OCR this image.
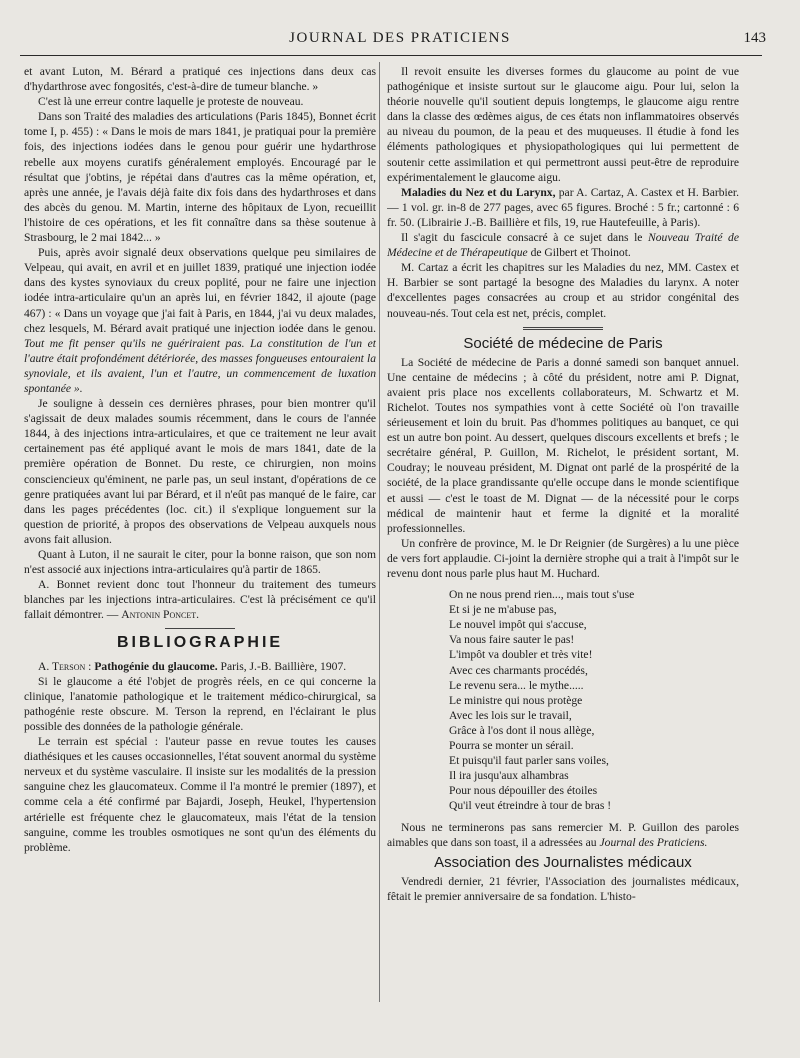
JOURNAL DES PRATICIENS	143

et avant Luton, M. Bérard a pratiqué ces injections dans deux cas d'hydarthrose avec fongosités, c'est-à-dire de tumeur blanche. »

C'est là une erreur contre laquelle je proteste de nouveau.

Dans son Traité des maladies des articulations (Paris 1845), Bonnet écrit tome I, p. 455) : « Dans le mois de mars 1841, je pratiquai pour la première fois, des injections iodées dans le genou pour guérir une hydarthrose rebelle aux moyens curatifs généralement employés. Encouragé par le résultat que j'obtins, je répétai dans d'autres cas la même opération, et, après une année, je l'avais déjà faite dix fois dans des hydarthroses et dans des abcès du genou. M. Martin, interne des hôpitaux de Lyon, recueillit l'histoire de ces opérations, et les fit connaître dans sa thèse soutenue à Strasbourg, le 2 mai 1842... »

Puis, après avoir signalé deux observations quelque peu similaires de Velpeau, qui avait, en avril et en juillet 1839, pratiqué une injection iodée dans des kystes synoviaux du creux poplité, pour ne faire une injection iodée intra-articulaire qu'un an après lui, en février 1842, il ajoute (page 467) : « Dans un voyage que j'ai fait à Paris, en 1844, j'ai vu deux malades, chez lesquels, M. Bérard avait pratiqué une injection iodée dans le genou. Tout me fit penser qu'ils ne guériraient pas. La constitution de l'un et l'autre était profondément détériorée, des masses fongueuses entouraient la synoviale, et ils avaient, l'un et l'autre, un commencement de luxation spontanée ».

Je souligne à dessein ces dernières phrases, pour bien montrer qu'il s'agissait de deux malades soumis récemment, dans le cours de l'année 1844, à des injections intra-articulaires, et que ce traitement ne leur avait certainement pas été appliqué avant le mois de mars 1841, date de la première opération de Bonnet. Du reste, ce chirurgien, non moins consciencieux qu'éminent, ne parle pas, un seul instant, d'opérations de ce genre pratiquées avant lui par Bérard, et il n'eût pas manqué de le faire, car dans les pages précédentes (loc. cit.) il s'explique longuement sur la question de priorité, à propos des observations de Velpeau auxquels nous avons fait allusion.

Quant à Luton, il ne saurait le citer, pour la bonne raison, que son nom n'est associé aux injections intra-articulaires qu'à partir de 1865.

A. Bonnet revient donc tout l'honneur du traitement des tumeurs blanches par les injections intra-articulaires. C'est là précisément ce qu'il fallait démontrer. — Antonin Poncet.

BIBLIOGRAPHIE

A. Terson : Pathogénie du glaucome. Paris, J.-B. Baillière, 1907.

Si le glaucome a été l'objet de progrès réels, en ce qui concerne la clinique, l'anatomie pathologique et le traitement médico-chirurgical, sa pathogénie reste obscure. M. Terson la reprend, en l'éclairant le plus possible des données de la pathologie générale.

Le terrain est spécial : l'auteur passe en revue toutes les causes diathésiques et les causes occasionnelles, l'état souvent anormal du système nerveux et du système vasculaire. Il insiste sur les modalités de la pression sanguine chez les glaucomateux. Comme il l'a montré le premier (1897), et comme cela a été confirmé par Bajardi, Joseph, Heukel, l'hypertension artérielle est fréquente chez le glaucomateux, mais l'état de la tension sanguine, comme les troubles osmotiques ne sont qu'un des éléments du problème.

Il revoit ensuite les diverses formes du glaucome au point de vue pathogénique et insiste surtout sur le glaucome aigu. Pour lui, selon la théorie nouvelle qu'il soutient depuis longtemps, le glaucome aigu rentre dans la classe des œdèmes aigus, de ces états non inflammatoires observés au niveau du poumon, de la peau et des muqueuses. Il étudie à fond les éléments pathologiques et physiopathologiques qui lui permettent de soutenir cette assimilation et qui permettront aussi peut-être de reproduire expérimentalement le glaucome aigu.

Maladies du Nez et du Larynx, par A. Cartaz, A. Castex et H. Barbier. — 1 vol. gr. in-8 de 277 pages, avec 65 figures. Broché : 5 fr.; cartonné : 6 fr. 50. (Librairie J.-B. Baillière et fils, 19, rue Hautefeuille, à Paris).

Il s'agit du fascicule consacré à ce sujet dans le Nouveau Traité de Médecine et de Thérapeutique de Gilbert et Thoinot.

M. Cartaz a écrit les chapitres sur les Maladies du nez, MM. Castex et H. Barbier se sont partagé la besogne des Maladies du larynx. A noter d'excellentes pages consacrées au croup et au stridor congénital des nouveau-nés. Tout cela est net, précis, complet.

Société de médecine de Paris

La Société de médecine de Paris a donné samedi son banquet annuel. Une centaine de médecins ; à côté du président, notre ami P. Dignat, avaient pris place nos excellents collaborateurs, M. Schwartz et M. Richelot. Toutes nos sympathies vont à cette Société où l'on travaille sérieusement et loin du bruit. Pas d'hommes politiques au banquet, ce qui est un autre bon point. Au dessert, quelques discours excellents et brefs ; le secrétaire général, P. Guillon, M. Richelot, le président sortant, M. Coudray; le nouveau président, M. Dignat ont parlé de la prospérité de la société, de la place grandissante qu'elle occupe dans le monde scientifique et aussi — c'est le toast de M. Dignat — de la nécessité pour le corps médical de maintenir haut et ferme la dignité et la moralité professionnelles.

Un confrère de province, M. le Dr Reignier (de Surgères) a lu une pièce de vers fort applaudie. Ci-joint la dernière strophe qui a trait à l'impôt sur le revenu dont nous parle plus haut M. Huchard.

On ne nous prend rien..., mais tout s'use
Et si je ne m'abuse pas,
Le nouvel impôt qui s'accuse,
Va nous faire sauter le pas!
L'impôt va doubler et très vite!
Avec ces charmants procédés,
Le revenu sera... le mythe.....
Le ministre qui nous protège
Avec les lois sur le travail,
Grâce à l'os dont il nous allège,
Pourra se monter un sérail.
Et puisqu'il faut parler sans voiles,
Il ira jusqu'aux alhambras
Pour nous dépouiller des étoiles
Qu'il veut étreindre à tour de bras !

Nous ne terminerons pas sans remercier M. P. Guillon des paroles aimables que dans son toast, il a adressées au Journal des Praticiens.

Association des Journalistes médicaux

Vendredi dernier, 21 février, l'Association des journalistes médicaux, fêtait le premier anniversaire de sa fondation. L'histo-
